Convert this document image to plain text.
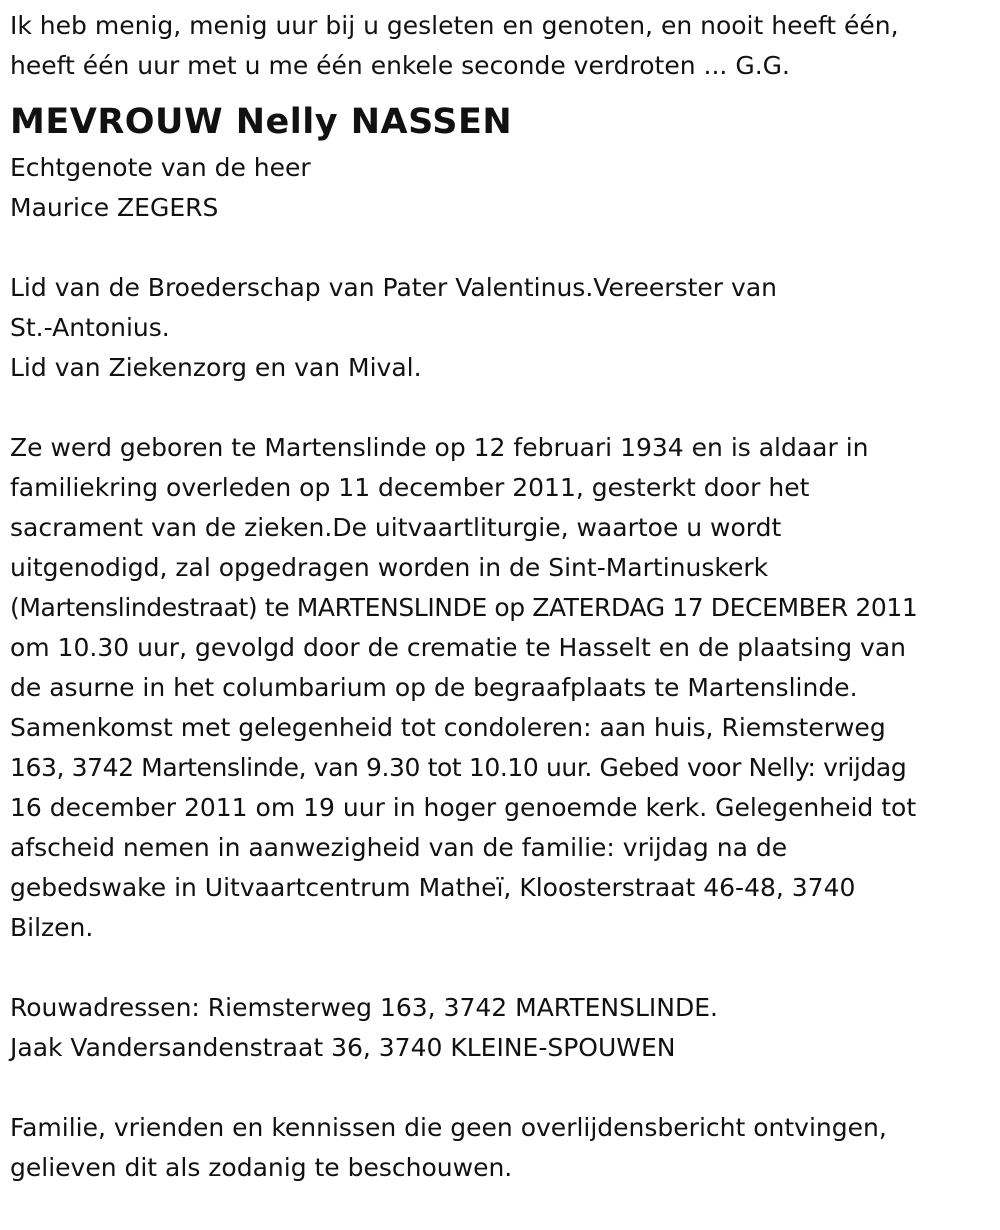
Ik heb menig, menig uur bij u gesleten en genoten, en nooit heeft één,
heeft één uur met u me één enkele seconde verdroten ... G.G.
MEVROUW Nelly NASSEN
Echtgenote van de heer
Maurice ZEGERS
Lid van de Broederschap van Pater Valentinus.Vereerster van
St.-Antonius.
Lid van Ziekenzorg en van Mival.
Ze werd geboren te Martenslinde op 12 februari 1934 en is aldaar in
familiekring overleden op 11 december 2011, gesterkt door het
sacrament van de zieken.De uitvaartliturgie, waartoe u wordt
uitgenodigd, zal opgedragen worden in de Sint-Martinuskerk
(Martenslindestraat) te MARTENSLINDE op ZATERDAG 17 DECEMBER 2011
om 10.30 uur, gevolgd door de crematie te Hasselt en de plaatsing van
de asurne in het columbarium op de begraafplaats te Martenslinde.
Samenkomst met gelegenheid tot condoleren: aan huis, Riemsterweg
163, 3742 Martenslinde, van 9.30 tot 10.10 uur. Gebed voor Nelly: vrijdag
16 december 2011 om 19 uur in hoger genoemde kerk. Gelegenheid tot
afscheid nemen in aanwezigheid van de familie: vrijdag na de
gebedswake in Uitvaartcentrum Matheï, Kloosterstraat 46-48, 3740
Bilzen.
Rouwadressen: Riemsterweg 163, 3742 MARTENSLINDE.
Jaak Vandersandenstraat 36, 3740 KLEINE-SPOUWEN
Familie, vrienden en kennissen die geen overlijdensbericht ontvingen,
gelieven dit als zodanig te beschouwen.
